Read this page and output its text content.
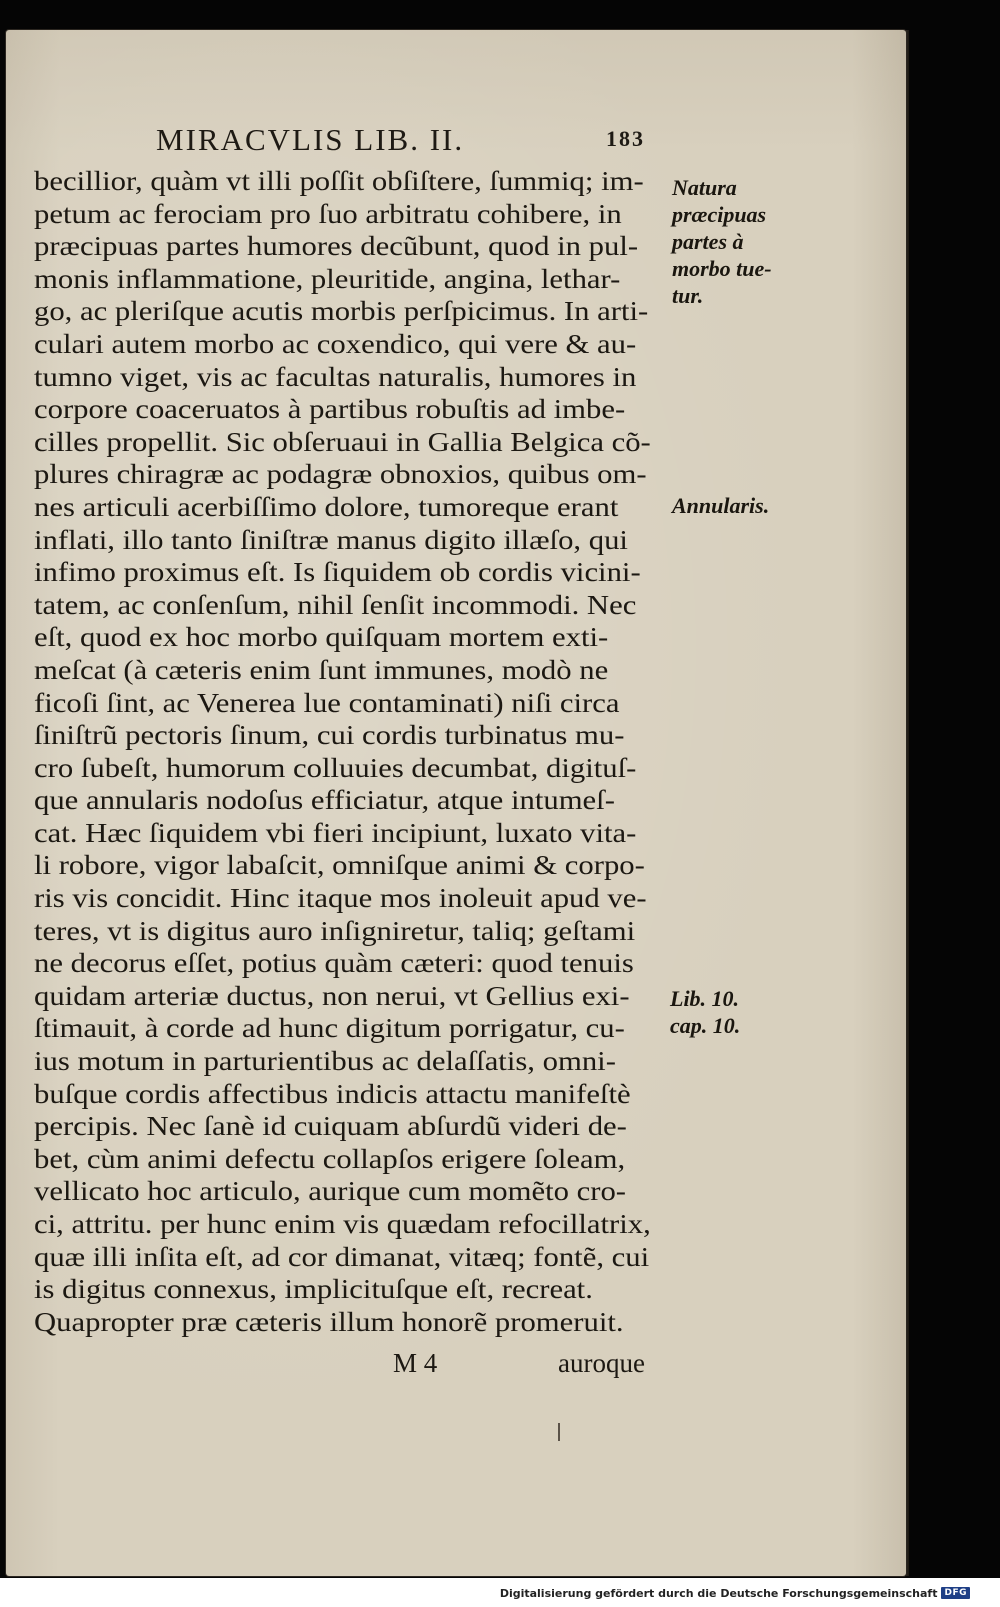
MIRACVLIS LIB. II.	183
becillior, quàm vt illi poſſit obſiſtere, ſummiq; im-
petum ac ferociam pro ſuo arbitratu cohibere, in
præcipuas partes humores decũbunt, quod in pul-
monis inflammatione, pleuritide, angina, lethar-
go, ac pleriſque acutis morbis perſpicimus. In arti-
culari autem morbo ac coxendico, qui vere & au-
tumno viget, vis ac facultas naturalis, humores in
corpore coaceruatos à partibus robuſtis ad imbe-
cilles propellit. Sic obſeruaui in Gallia Belgica cõ-
plures chiragræ ac podagræ obnoxios, quibus om-
nes articuli acerbiſſimo dolore, tumoreque erant
inflati, illo tanto ſiniſtræ manus digito illæſo, qui
infimo proximus eſt. Is ſiquidem ob cordis vicini-
tatem, ac conſenſum, nihil ſenſit incommodi. Nec
eſt, quod ex hoc morbo quiſquam mortem exti-
meſcat (à cæteris enim ſunt immunes, modò ne
ficoſi ſint, ac Venerea lue contaminati) niſi circa
ſiniſtrũ pectoris ſinum, cui cordis turbinatus mu-
cro ſubeſt, humorum colluuies decumbat, digituſ-
que annularis nodoſus efficiatur, atque intumeſ-
cat. Hæc ſiquidem vbi fieri incipiunt, luxato vita-
li robore, vigor labaſcit, omniſque animi & corpo-
ris vis concidit. Hinc itaque mos inoleuit apud ve-
teres, vt is digitus auro inſigniretur, taliq; geſtami
ne decorus eſſet, potius quàm cæteri: quod tenuis
quidam arteriæ ductus, non nerui, vt Gellius exi-
ſtimauit, à corde ad hunc digitum porrigatur, cu-
ius motum in parturientibus ac delaſſatis, omni-
buſque cordis affectibus indicis attactu manifeſtè
percipis. Nec ſanè id cuiquam abſurdũ videri de-
bet, cùm animi defectu collapſos erigere ſoleam,
vellicato hoc articulo, aurique cum momẽto cro-
ci, attritu. per hunc enim vis quædam refocillatrix,
quæ illi inſita eſt, ad cor dimanat, vitæq; fontẽ, cui
is digitus connexus, implicituſque eſt, recreat.
Quapropter præ cæteris illum honorẽ promeruit.
Natura
præcipuas
partes à
morbo tue-
tur.
Annularis.
Lib. 10.
cap. 10.
M 4	auroque
Digitalisierung gefördert durch die Deutsche Forschungsgemeinschaft DFG
